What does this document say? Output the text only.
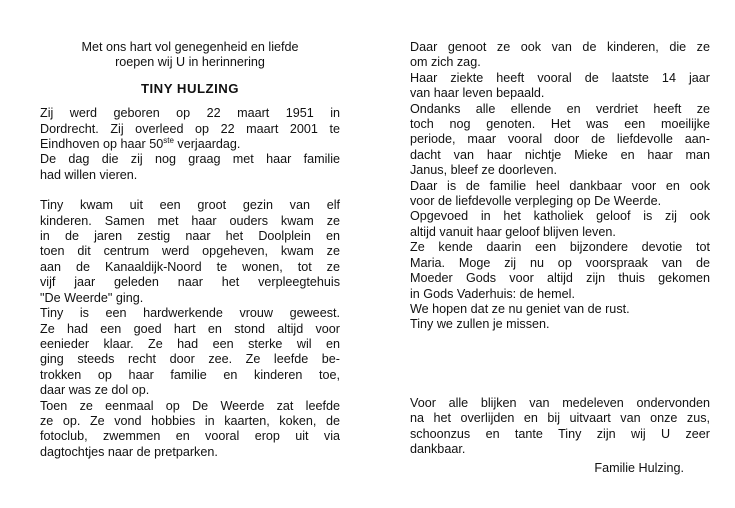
Met ons hart vol genegenheid en liefde

roepen wij U in herinnering

TINY HULZING

Zij werd geboren op 22 maart 1951 in
Dordrecht. Zij overleed op 22 maart 2001 te
Eindhoven op haar 50ste verjaardag.
De dag die zij nog graag met haar familie
had willen vieren.
Tiny kwam uit een groot gezin van elf
kinderen. Samen met haar ouders kwam ze
in de jaren zestig naar het Doolplein en
toen dit centrum werd opgeheven, kwam ze
aan de Kanaaldijk-Noord te wonen, tot ze
vijf jaar geleden naar het verpleegtehuis
"De Weerde" ging.
Tiny is een hardwerkende vrouw geweest.
Ze had een goed hart en stond altijd voor
eenieder klaar. Ze had een sterke wil en
ging steeds recht door zee. Ze leefde be-
trokken op haar familie en kinderen toe,
daar was ze dol op.
Toen ze eenmaal op De Weerde zat leefde
ze op. Ze vond hobbies in kaarten, koken, de
fotoclub, zwemmen en vooral erop uit via
dagtochtjes naar de pretparken.
Daar genoot ze ook van de kinderen, die ze
om zich zag.
Haar ziekte heeft vooral de laatste 14 jaar
van haar leven bepaald.
Ondanks alle ellende en verdriet heeft ze
toch nog genoten. Het was een moeilijke
periode, maar vooral door de liefdevolle aan-
dacht van haar nichtje Mieke en haar man
Janus, bleef ze doorleven.
Daar is de familie heel dankbaar voor en ook
voor de liefdevolle verpleging op De Weerde.
Opgevoed in het katholiek geloof is zij ook
altijd vanuit haar geloof blijven leven.
Ze kende daarin een bijzondere devotie tot
Maria. Moge zij nu op voorspraak van de
Moeder Gods voor altijd zijn thuis gekomen
in Gods Vaderhuis: de hemel.
We hopen dat ze nu geniet van de rust.
Tiny we zullen je missen.
Voor alle blijken van medeleven ondervonden
na het overlijden en bij uitvaart van onze zus,
schoonzus en tante Tiny zijn wij U zeer
dankbaar.

Familie Hulzing.
